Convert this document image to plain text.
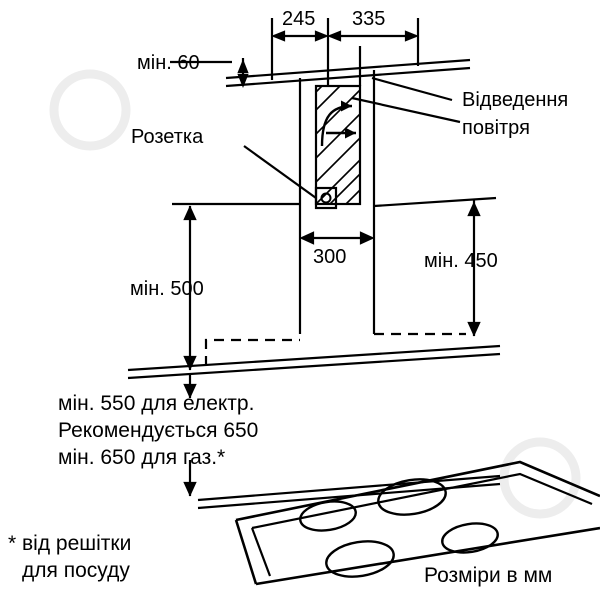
245 335
мін. 60
Відведення
повітря
Розетка
300	мін. 450
мін. 500
мін. 550 для електр.
Рекомендується 650
мін. 650 для газ.*
* від решітки
для посуду	Розміри в мм
